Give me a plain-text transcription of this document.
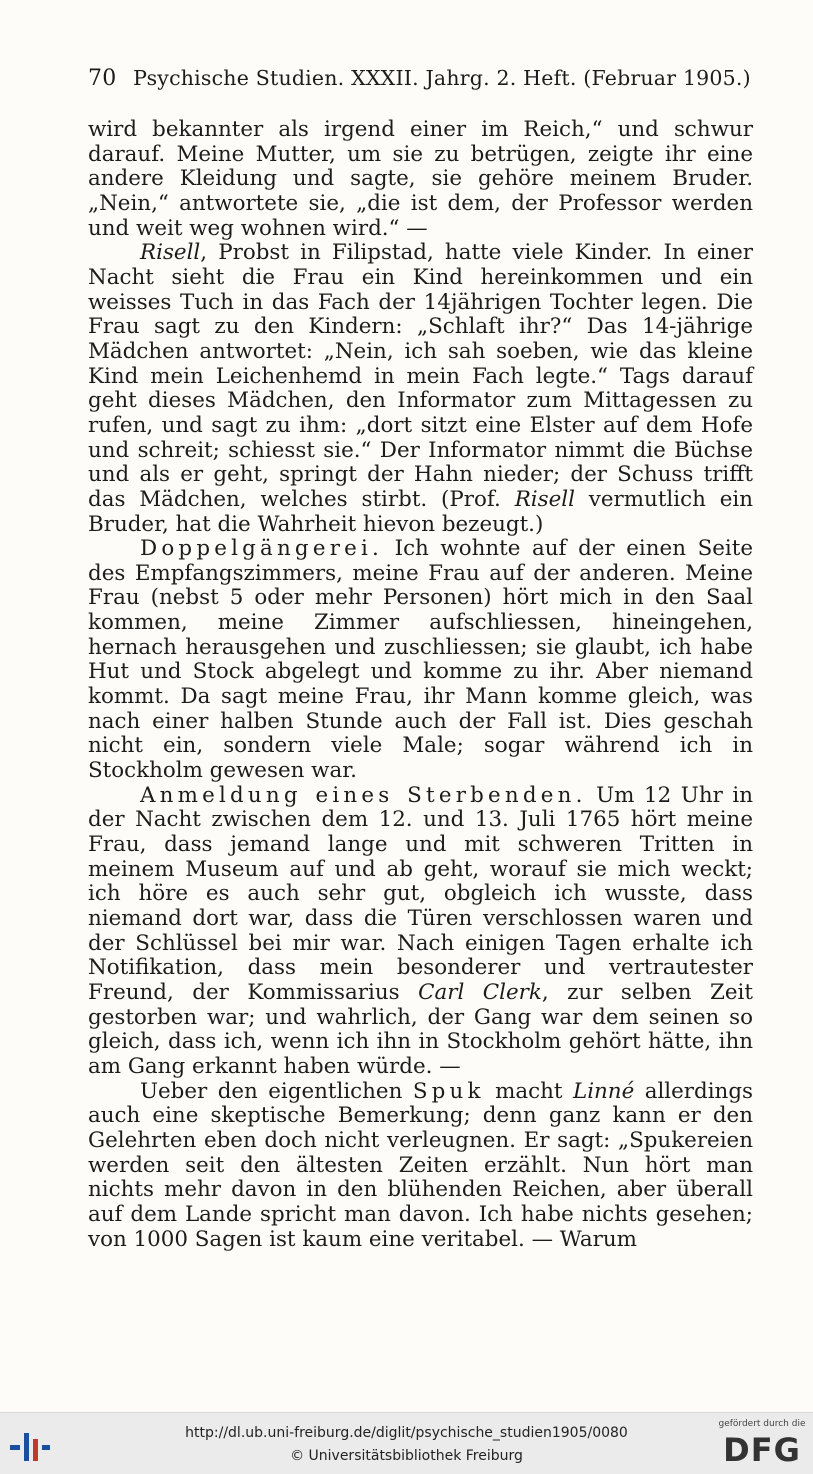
70 Psychische Studien. XXXII. Jahrg. 2. Heft. (Februar 1905.)

wird bekannter als irgend einer im Reich,“ und schwur darauf. Meine Mutter, um sie zu betrügen, zeigte ihr eine andere Kleidung und sagte, sie gehöre meinem Bruder. „Nein,“ antwortete sie, „die ist dem, der Professor werden und weit weg wohnen wird.“ —

Risell, Probst in Filipstad, hatte viele Kinder. In einer Nacht sieht die Frau ein Kind hereinkommen und ein weisses Tuch in das Fach der 14jährigen Tochter legen. Die Frau sagt zu den Kindern: „Schlaft ihr?“ Das 14-jährige Mädchen antwortet: „Nein, ich sah soeben, wie das kleine Kind mein Leichenhemd in mein Fach legte.“ Tags darauf geht dieses Mädchen, den Informator zum Mittagessen zu rufen, und sagt zu ihm: „dort sitzt eine Elster auf dem Hofe und schreit; schiesst sie.“ Der Informator nimmt die Büchse und als er geht, springt der Hahn nieder; der Schuss trifft das Mädchen, welches stirbt. (Prof. Risell vermutlich ein Bruder, hat die Wahrheit hievon bezeugt.)

Doppelgängerei. Ich wohnte auf der einen Seite des Empfangszimmers, meine Frau auf der anderen. Meine Frau (nebst 5 oder mehr Personen) hört mich in den Saal kommen, meine Zimmer aufschliessen, hineingehen, hernach herausgehen und zuschliessen; sie glaubt, ich habe Hut und Stock abgelegt und komme zu ihr. Aber niemand kommt. Da sagt meine Frau, ihr Mann komme gleich, was nach einer halben Stunde auch der Fall ist. Dies geschah nicht ein, sondern viele Male; sogar während ich in Stockholm gewesen war.

Anmeldung eines Sterbenden. Um 12 Uhr in der Nacht zwischen dem 12. und 13. Juli 1765 hört meine Frau, dass jemand lange und mit schweren Tritten in meinem Museum auf und ab geht, worauf sie mich weckt; ich höre es auch sehr gut, obgleich ich wusste, dass niemand dort war, dass die Türen verschlossen waren und der Schlüssel bei mir war. Nach einigen Tagen erhalte ich Notifikation, dass mein besonderer und vertrautester Freund, der Kommissarius Carl Clerk, zur selben Zeit gestorben war; und wahrlich, der Gang war dem seinen so gleich, dass ich, wenn ich ihn in Stockholm gehört hätte, ihn am Gang erkannt haben würde. —

Ueber den eigentlichen Spuk macht Linné allerdings auch eine skeptische Bemerkung; denn ganz kann er den Gelehrten eben doch nicht verleugnen. Er sagt: „Spukereien werden seit den ältesten Zeiten erzählt. Nun hört man nichts mehr davon in den blühenden Reichen, aber überall auf dem Lande spricht man davon. Ich habe nichts gesehen; von 1000 Sagen ist kaum eine veritabel. — Warum

http://dl.ub.uni-freiburg.de/diglit/psychische_studien1905/0080
© Universitätsbibliothek Freiburg
gefördert durch die
DFG
